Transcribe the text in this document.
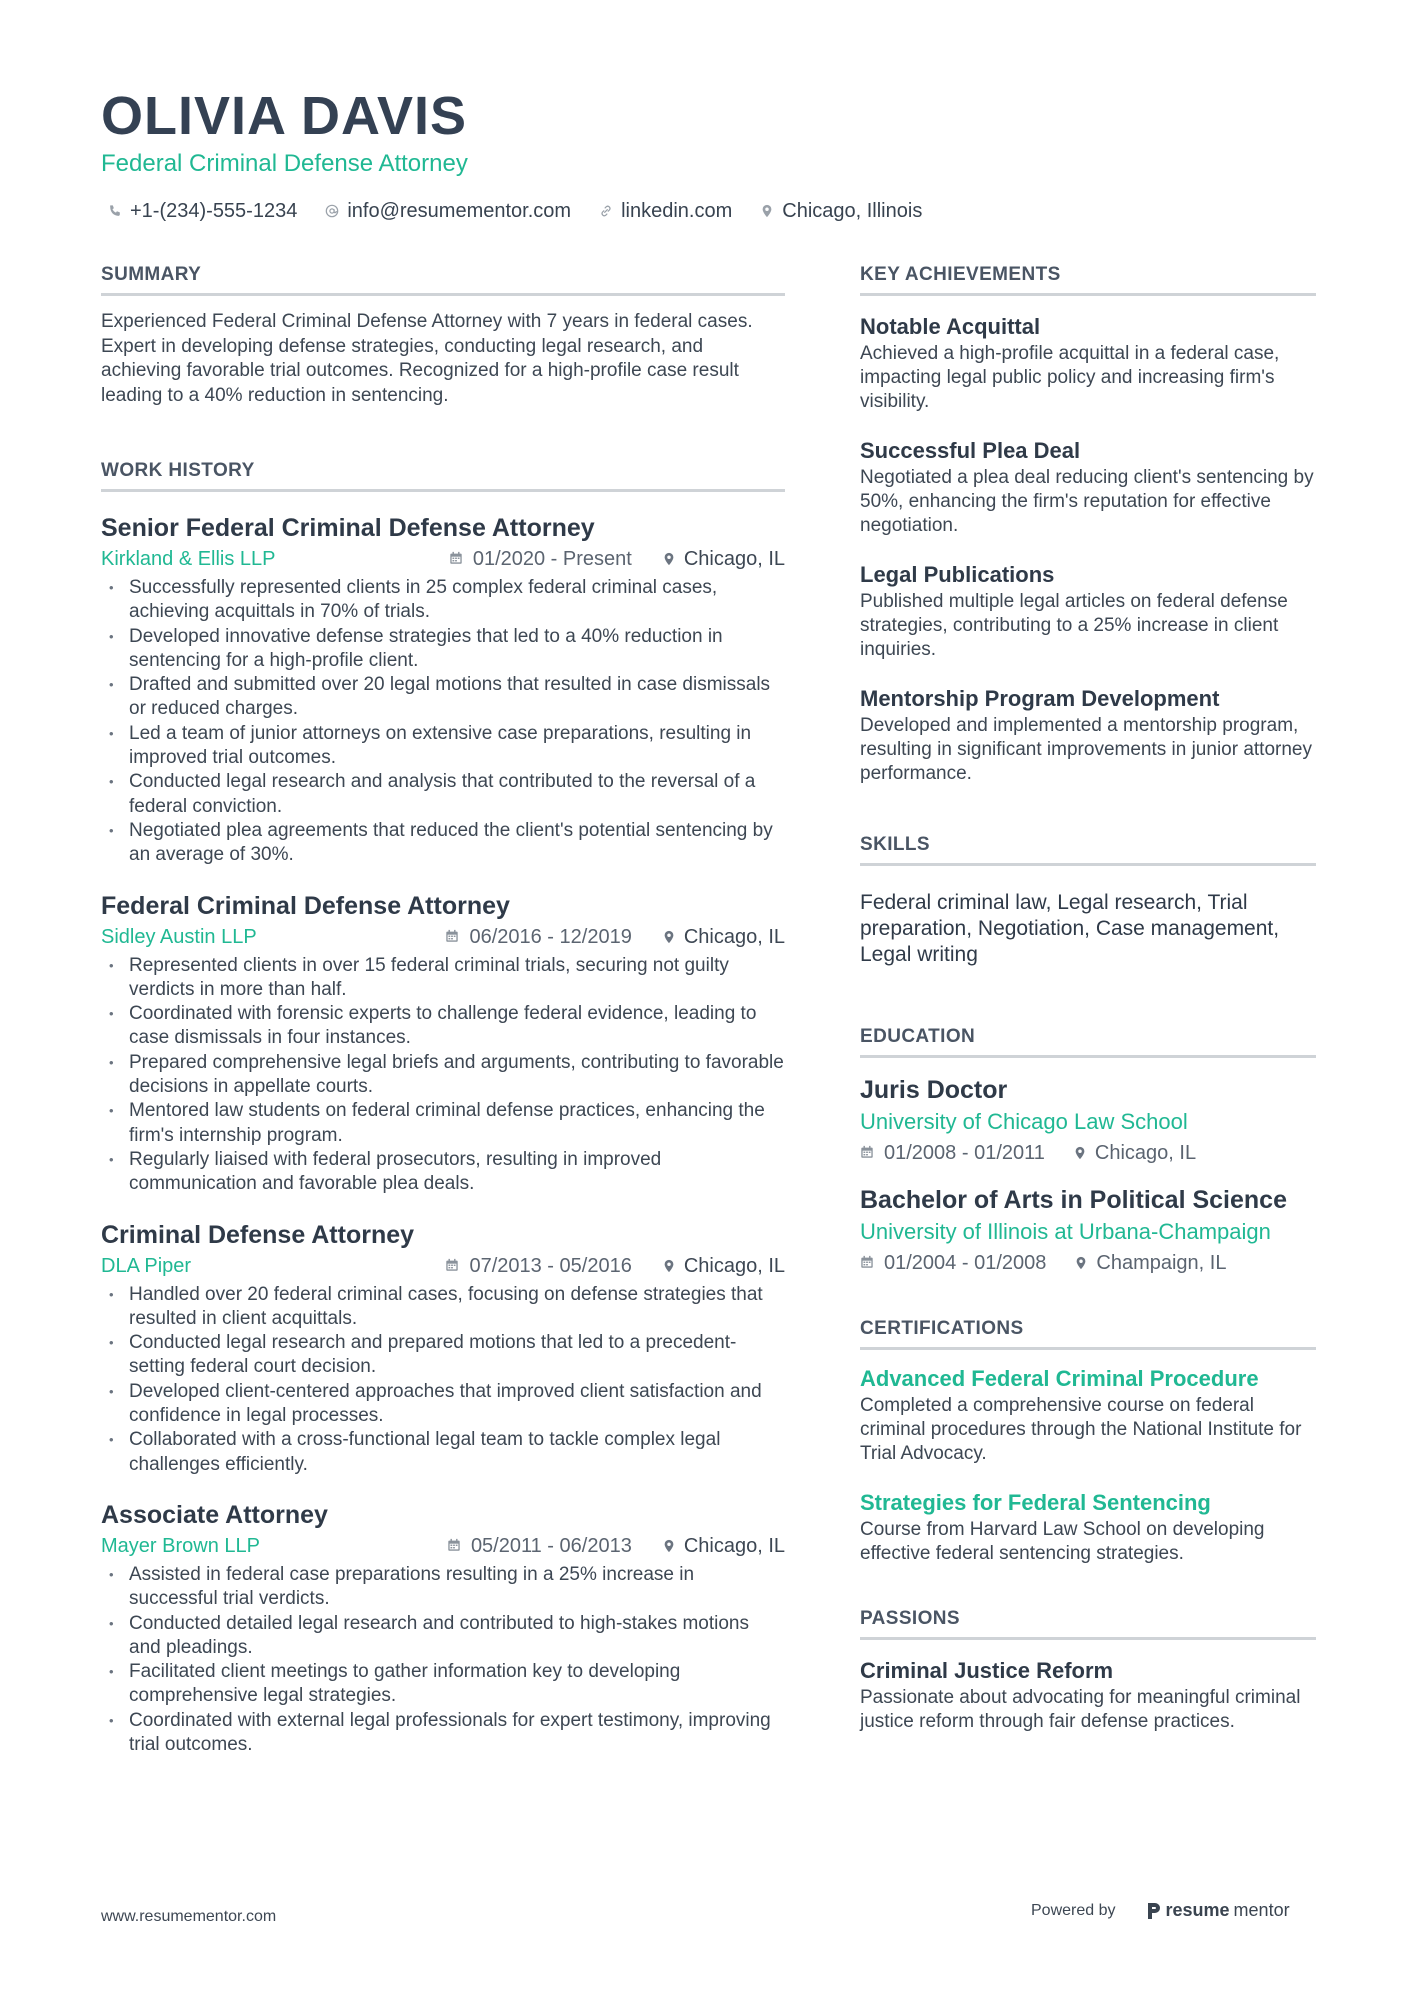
OLIVIA DAVIS
Federal Criminal Defense Attorney
+1-(234)-555-1234	info@resumementor.com	linkedin.com	Chicago, Illinois
SUMMARY

Experienced Federal Criminal Defense Attorney with 7 years in federal cases. Expert in developing defense strategies, conducting legal research, and achieving favorable trial outcomes. Recognized for a high-profile case result leading to a 40% reduction in sentencing.

WORK HISTORY
Senior Federal Criminal Defense Attorney
Kirkland & Ellis LLP	01/2020 - Present	Chicago, IL
• Successfully represented clients in 25 complex federal criminal cases, achieving acquittals in 70% of trials.
• Developed innovative defense strategies that led to a 40% reduction in sentencing for a high-profile client.
• Drafted and submitted over 20 legal motions that resulted in case dismissals or reduced charges.
• Led a team of junior attorneys on extensive case preparations, resulting in improved trial outcomes.
• Conducted legal research and analysis that contributed to the reversal of a federal conviction.
• Negotiated plea agreements that reduced the client's potential sentencing by an average of 30%.
Federal Criminal Defense Attorney
Sidley Austin LLP	06/2016 - 12/2019	Chicago, IL
• Represented clients in over 15 federal criminal trials, securing not guilty verdicts in more than half.
• Coordinated with forensic experts to challenge federal evidence, leading to case dismissals in four instances.
• Prepared comprehensive legal briefs and arguments, contributing to favorable decisions in appellate courts.
• Mentored law students on federal criminal defense practices, enhancing the firm's internship program.
• Regularly liaised with federal prosecutors, resulting in improved communication and favorable plea deals.
Criminal Defense Attorney
DLA Piper	07/2013 - 05/2016	Chicago, IL
• Handled over 20 federal criminal cases, focusing on defense strategies that resulted in client acquittals.
• Conducted legal research and prepared motions that led to a precedent-setting federal court decision.
• Developed client-centered approaches that improved client satisfaction and confidence in legal processes.
• Collaborated with a cross-functional legal team to tackle complex legal challenges efficiently.
Associate Attorney
Mayer Brown LLP	05/2011 - 06/2013	Chicago, IL
• Assisted in federal case preparations resulting in a 25% increase in successful trial verdicts.
• Conducted detailed legal research and contributed to high-stakes motions and pleadings.
• Facilitated client meetings to gather information key to developing comprehensive legal strategies.
• Coordinated with external legal professionals for expert testimony, improving trial outcomes.
KEY ACHIEVEMENTS
Notable Acquittal

Achieved a high-profile acquittal in a federal case, impacting legal public policy and increasing firm's visibility.

Successful Plea Deal

Negotiated a plea deal reducing client's sentencing by 50%, enhancing the firm's reputation for effective negotiation.

Legal Publications

Published multiple legal articles on federal defense strategies, contributing to a 25% increase in client inquiries.

Mentorship Program Development

Developed and implemented a mentorship program, resulting in significant improvements in junior attorney performance.

SKILLS

Federal criminal law, Legal research, Trial preparation, Negotiation, Case management, Legal writing

EDUCATION
Juris Doctor
University of Chicago Law School
01/2008 - 01/2011	Chicago, IL
Bachelor of Arts in Political Science
University of Illinois at Urbana-Champaign
01/2004 - 01/2008	Champaign, IL
CERTIFICATIONS
Advanced Federal Criminal Procedure

Completed a comprehensive course on federal criminal procedures through the National Institute for Trial Advocacy.

Strategies for Federal Sentencing

Course from Harvard Law School on developing effective federal sentencing strategies.

PASSIONS
Criminal Justice Reform

Passionate about advocating for meaningful criminal justice reform through fair defense practices.

www.resumementor.com	Powered by	resume mentor
